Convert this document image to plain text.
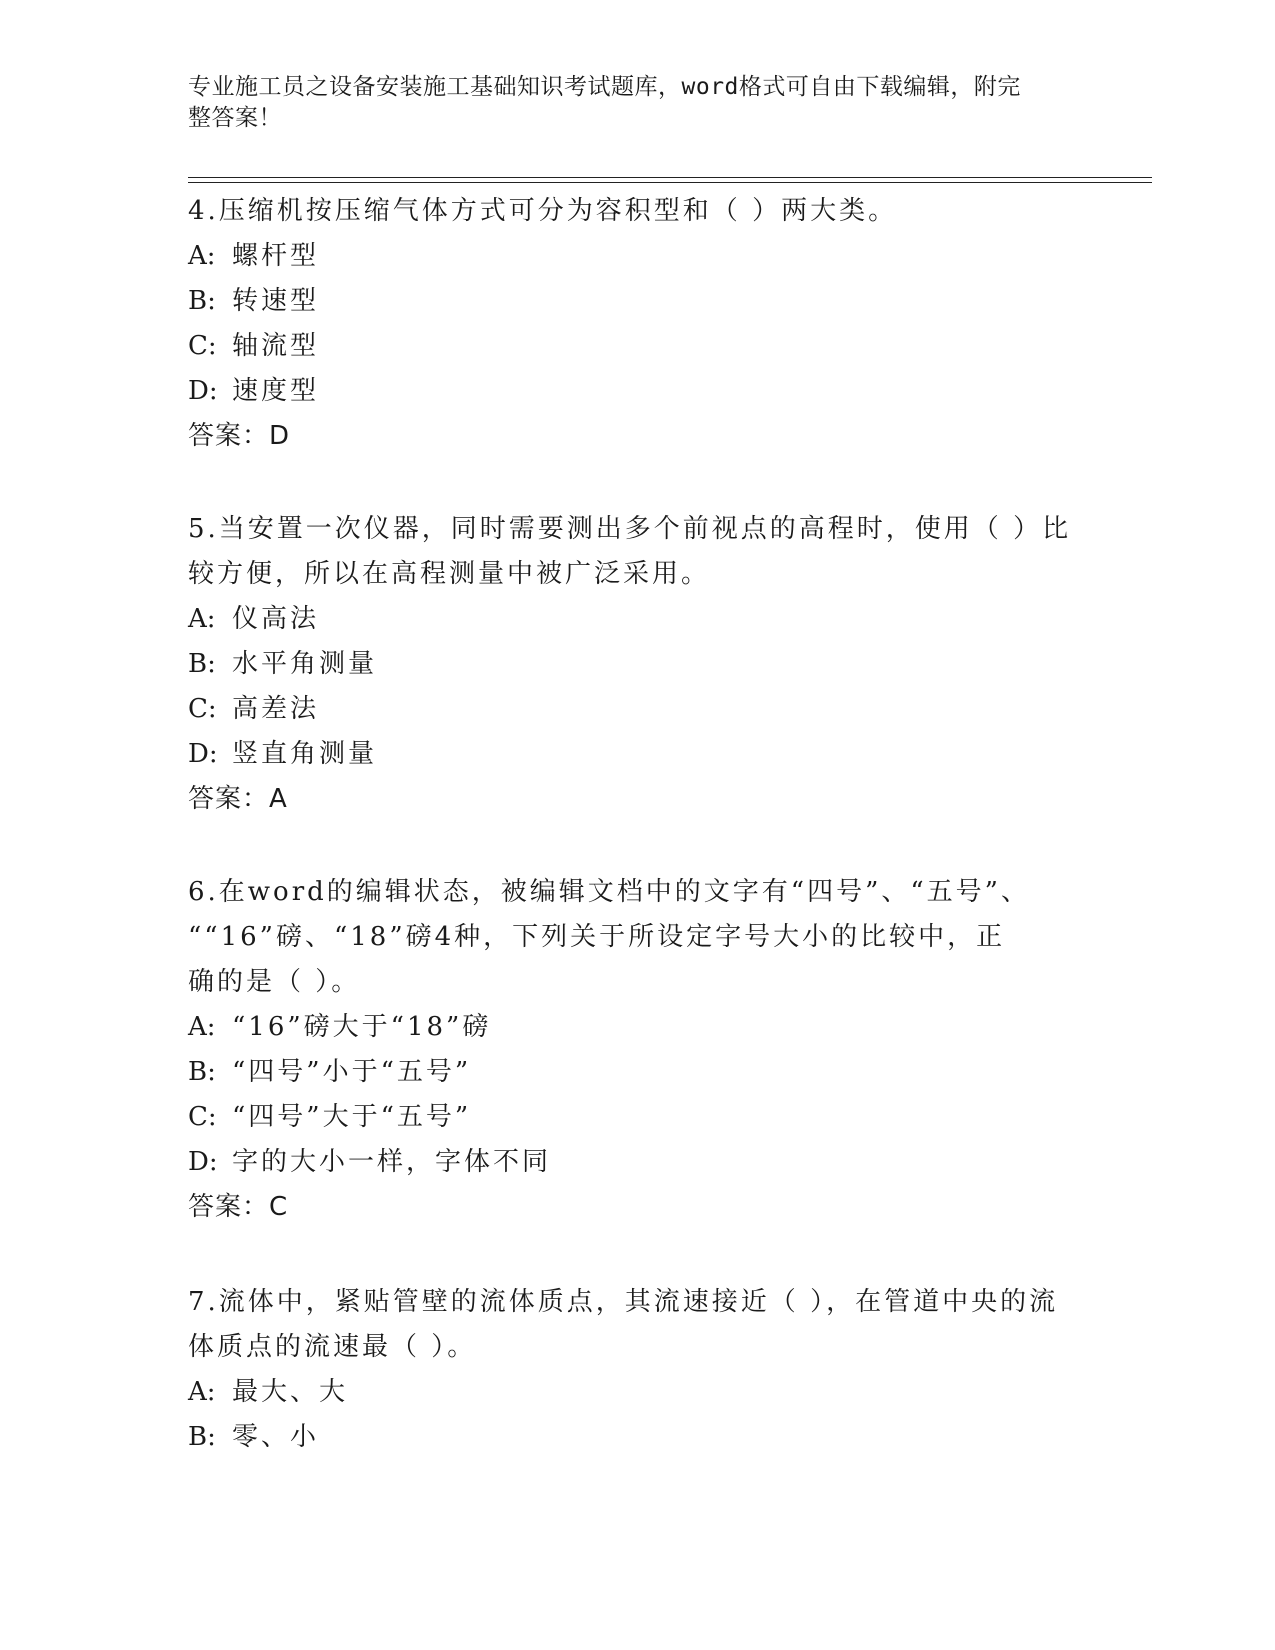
专业施工员之设备安装施工基础知识考试题库，word格式可自由下载编辑，附完
整答案！
4.压缩机按压缩气体方式可分为容积型和（ ）两大类。
A: 螺杆型
B: 转速型
C: 轴流型
D: 速度型
答案：D
5.当安置一次仪器，同时需要测出多个前视点的高程时，使用（ ）比
较方便，所以在高程测量中被广泛采用。
A: 仪高法
B: 水平角测量
C: 高差法
D: 竖直角测量
答案：A
6.在word的编辑状态，被编辑文档中的文字有“四号”、“五号”、
““16”磅、“18”磅4种，下列关于所设定字号大小的比较中，正
确的是（ ）。
A: “16”磅大于“18”磅
B: “四号”小于“五号”
C: “四号”大于“五号”
D: 字的大小一样，字体不同
答案：C
7.流体中，紧贴管壁的流体质点，其流速接近（ ），在管道中央的流
体质点的流速最（ ）。
A: 最大、大
B: 零、小
